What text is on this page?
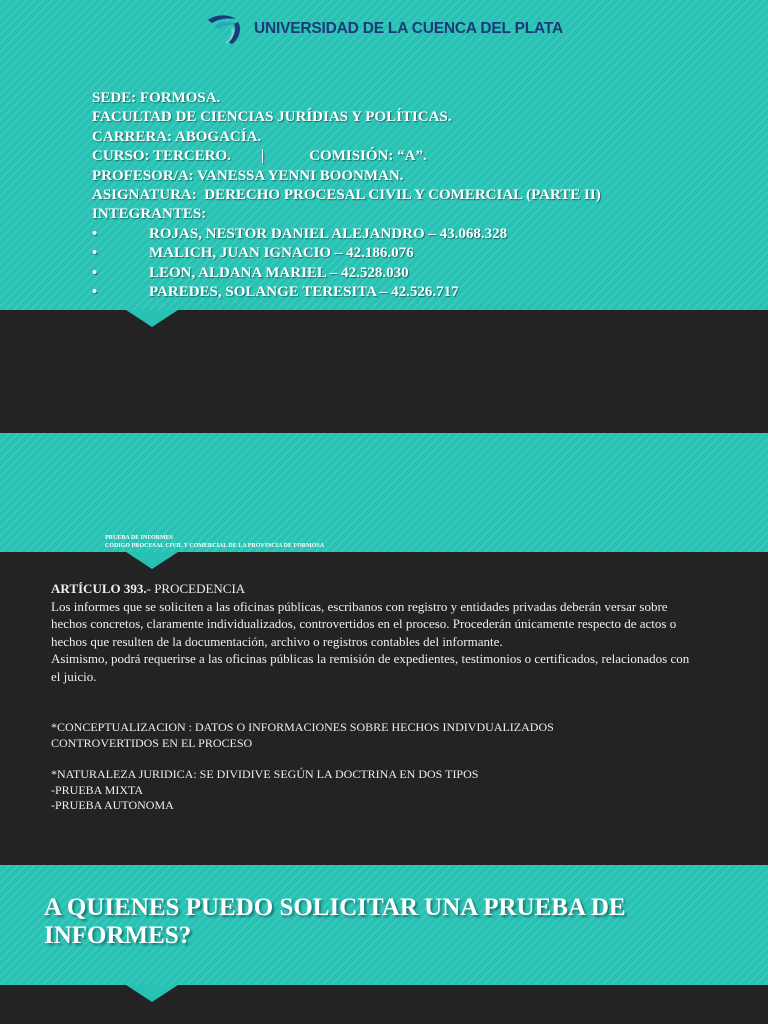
UNIVERSIDAD DE LA CUENCA DEL PLATA
SEDE: FORMOSA.
FACULTAD DE CIENCIAS JURÍDIAS Y POLÍTICAS.
CARRERA: ABOGACÍA.
CURSO: TERCERO.        |            COMISIÓN: “A”.
PROFESOR/A: VANESSA YENNI BOONMAN.
ASIGNATURA:  DERECHO PROCESAL CIVIL Y COMERCIAL (PARTE II)
INTEGRANTES:
•	ROJAS, NESTOR DANIEL ALEJANDRO – 43.068.328
•	MALICH, JUAN IGNACIO – 42.186.076
•	LEON, ALDANA MARIEL – 42.528.030
•	PAREDES, SOLANGE TERESITA – 42.526.717
PRUEBA DE INFORMES
CODIGO PROCESAL CIVIL Y COMERCIAL DE LA PROVINCIA DE FORMOSA
ARTÍCULO 393.- PROCEDENCIA
Los informes que se soliciten a las oficinas públicas, escribanos con registro y entidades privadas deberán versar sobre hechos concretos, claramente individualizados, controvertidos en el proceso. Procederán únicamente respecto de actos o hechos que resulten de la documentación, archivo o registros contables del informante.
Asimismo, podrá requerirse a las oficinas públicas la remisión de expedientes, testimonios o certificados, relacionados con el juicio.
*CONCEPTUALIZACION : DATOS O INFORMACIONES SOBRE HECHOS INDIVDUALIZADOS
CONTROVERTIDOS EN EL PROCESO
*NATURALEZA JURIDICA: SE DIVIDIVE SEGÚN LA DOCTRINA EN DOS TIPOS
-PRUEBA MIXTA
-PRUEBA AUTONOMA
A QUIENES PUEDO SOLICITAR UNA PRUEBA DE INFORMES?
